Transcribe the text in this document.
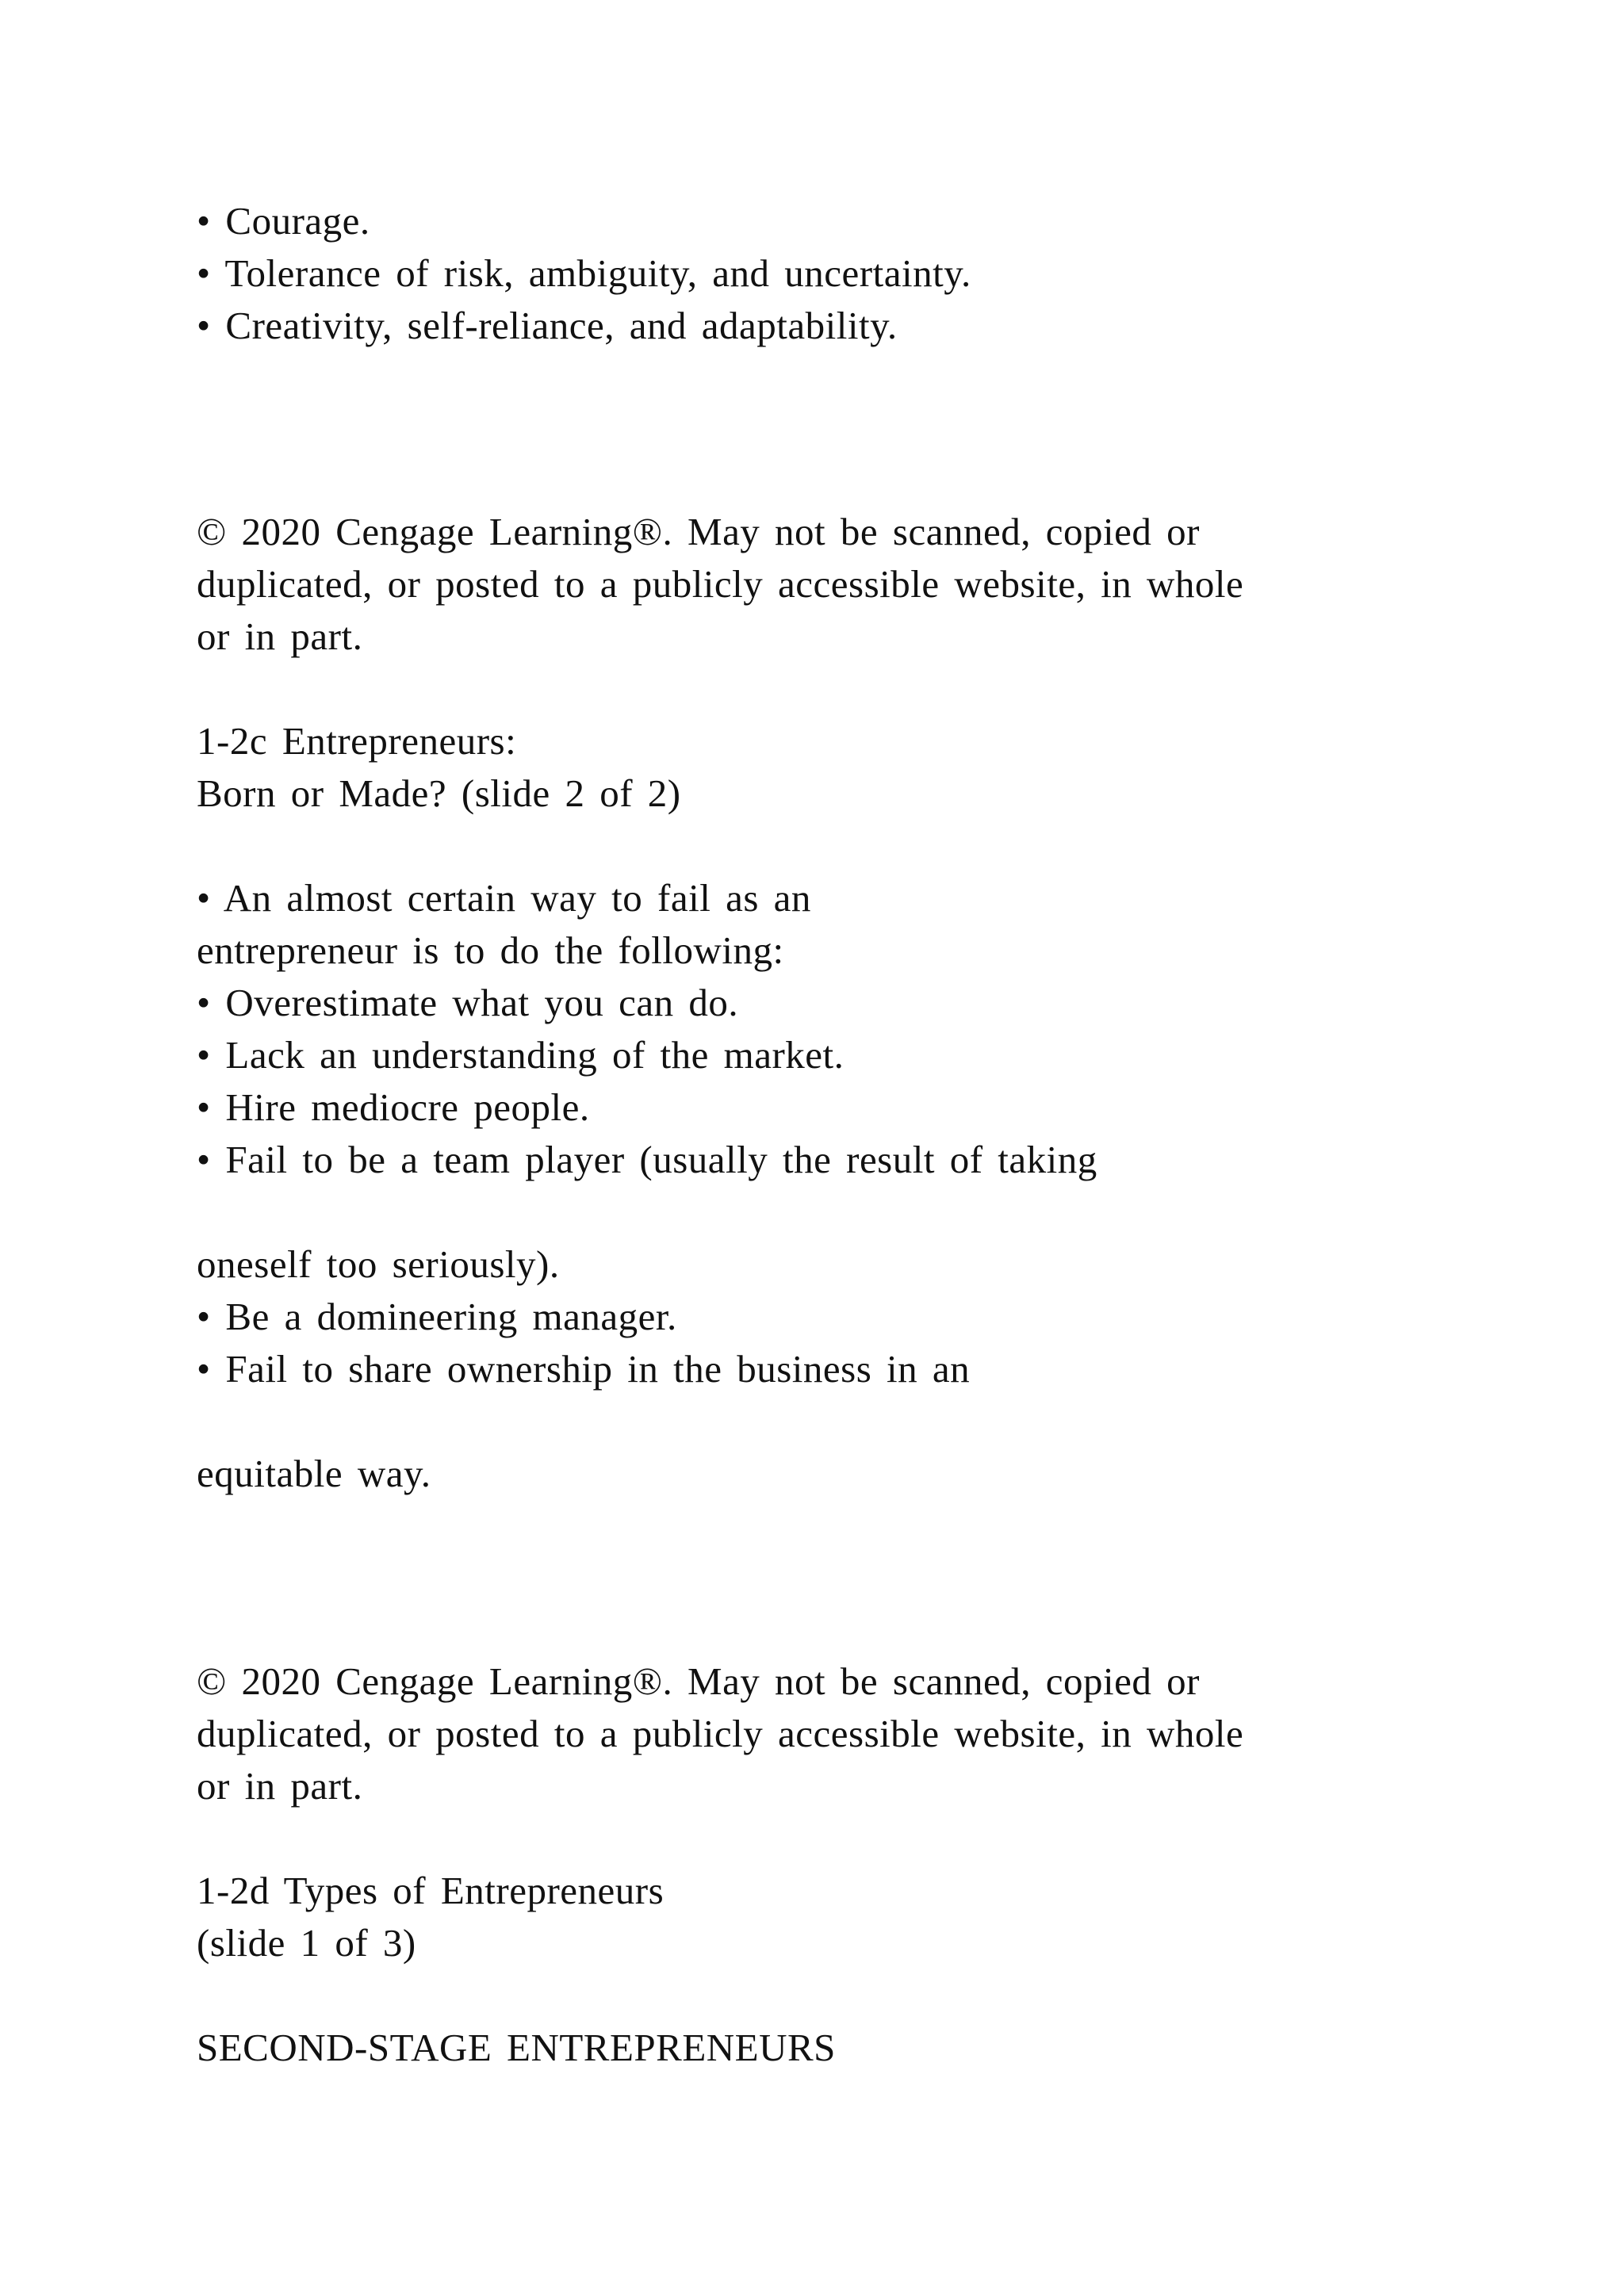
• Courage.

• Tolerance of risk, ambiguity, and uncertainty.

• Creativity, self-reliance, and adaptability.

© 2020 Cengage Learning®. May not be scanned, copied or

duplicated, or posted to a publicly accessible website, in whole

or in part.

1-2c Entrepreneurs:

Born or Made? (slide 2 of 2)

• An almost certain way to fail as an

entrepreneur is to do the following:

• Overestimate what you can do.

• Lack an understanding of the market.

• Hire mediocre people.

• Fail to be a team player (usually the result of taking

oneself too seriously).

• Be a domineering manager.

• Fail to share ownership in the business in an

equitable way.

© 2020 Cengage Learning®. May not be scanned, copied or

duplicated, or posted to a publicly accessible website, in whole

or in part.

1-2d Types of Entrepreneurs

(slide 1 of 3)

SECOND-STAGE ENTREPRENEURS
